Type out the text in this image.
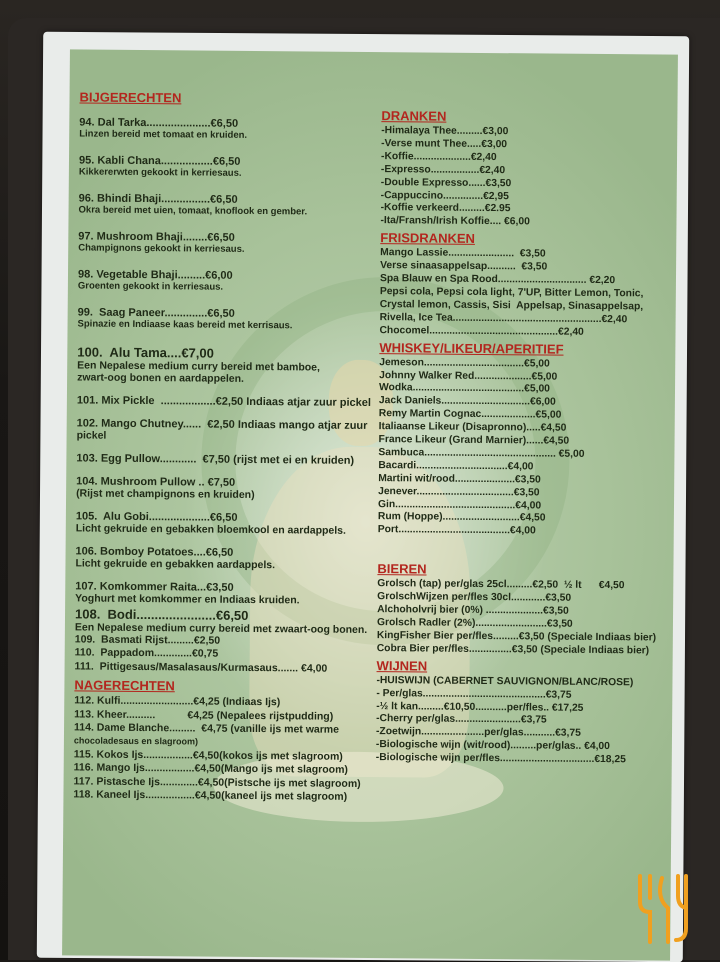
BIJGERECHTEN
94. Dal Tarka.....................€6,50
Linzen bereid met tomaat en kruiden.
95. Kabli Chana.................€6,50
Kikkererwten gekookt in kerriesaus.
96. Bhindi Bhaji................€6,50
Okra bereid met uien, tomaat, knoflook en gember.
97. Mushroom Bhaji........€6,50
Champignons gekookt in kerriesaus.
98. Vegetable Bhaji.........€6,00
Groenten gekookt in kerriesaus.
99.  Saag Paneer..............€6,50
Spinazie en Indiaase kaas bereid met kerrisaus.
100.  Alu Tama....€7,00
Een Nepalese medium curry bereid met bamboe,
zwart-oog bonen en aardappelen.
101. Mix Pickle  ..................€2,50 Indiaas atjar zuur pickel
102. Mango Chutney......  €2,50 Indiaas mango atjar zuur
pickel
103. Egg Pullow............  €7,50 (rijst met ei en kruiden)
104. Mushroom Pullow .. €7,50
(Rijst met champignons en kruiden)
105.  Alu Gobi....................€6,50
Licht gekruide en gebakken bloemkool en aardappels.
106. Bomboy Potatoes....€6,50
Licht gekruide en gebakken aardappels.
107. Komkommer Raita...€3,50
Yoghurt met komkommer en Indiaas kruiden.
108.  Bodi......................€6,50
Een Nepalese medium curry bereid met zwaart-oog bonen.
109.  Basmati Rijst.........€2,50
110.  Pappadom.............€0,75
111.  Pittigesaus/Masalasaus/Kurmasaus....... €4,00
NAGERECHTEN
112. Kulfi.........................€4,25 (Indiaas Ijs)
113. Kheer..........           €4,25 (Nepalees rijstpudding)
114. Dame Blanche.........  €4,75 (vanille ijs met warme
chocoladesaus en slagroom)
115. Kokos Ijs.................€4,50(kokos ijs met slagroom)
116. Mango Ijs.................€4,50(Mango ijs met slagroom)
117. Pistasche Ijs.............€4,50(Pistsche ijs met slagroom)
118. Kaneel Ijs.................€4,50(kaneel ijs met slagroom)
DRANKEN
-Himalaya Thee.........€3,00
-Verse munt Thee.....€3,00
-Koffie....................€2,40
-Expresso.................€2,40
-Double Expresso......€3,50
-Cappuccino..............€2,95
-Koffie verkeerd.........€2.95
-Ita/Fransh/Irish Koffie.... €6,00
FRISDRANKEN
Mango Lassie.......................  €3,50
Verse sinaasappelsap..........  €3,50
Spa Blauw en Spa Rood............................... €2,20
Pepsi cola, Pepsi cola light, 7'UP, Bitter Lemon, Tonic,
Crystal lemon, Cassis, Sisi  Appelsap, Sinasappelsap,
Rivella, Ice Tea....................................................€2,40
Chocomel.............................................€2,40
WHISKEY/LIKEUR/APERITIEF
Jemeson...................................€5,00
Johnny Walker Red....................€5,00
Wodka.......................................€5,00
Jack Daniels...............................€6,00
Remy Martin Cognac...................€5,00
Italiaanse Likeur (Disapronno).....€4,50
France Likeur (Grand Marnier)......€4,50
Sambuca.............................................. €5,00
Bacardi................................€4,00
Martini wit/rood.....................€3,50
Jenever..................................€3,50
Gin..........................................€4,00
Rum (Hoppe)...........................€4,50
Port.......................................€4,00
BIEREN
Grolsch (tap) per/glas 25cl.........€2,50  ½ lt      €4,50
GrolschWijzen per/fles 30cl............€3,50
Alchoholvrij bier (0%) ....................€3,50
Grolsch Radler (2%).........................€3,50
KingFisher Bier per/fles.........€3,50 (Speciale Indiaas bier)
Cobra Bier per/fles...............€3,50 (Speciale Indiaas bier)
WIJNEN
-HUISWIJN (CABERNET SAUVIGNON/BLANC/ROSE)
- Per/glas...........................................€3,75
-½ lt kan.........€10,50...........per/fles.. €17,25
-Cherry per/glas.......................€3,75
-Zoetwijn......................per/glas...........€3,75
-Biologische wijn (wit/rood).........per/glas.. €4,00
-Biologische wijn per/fles.................................€18,25
